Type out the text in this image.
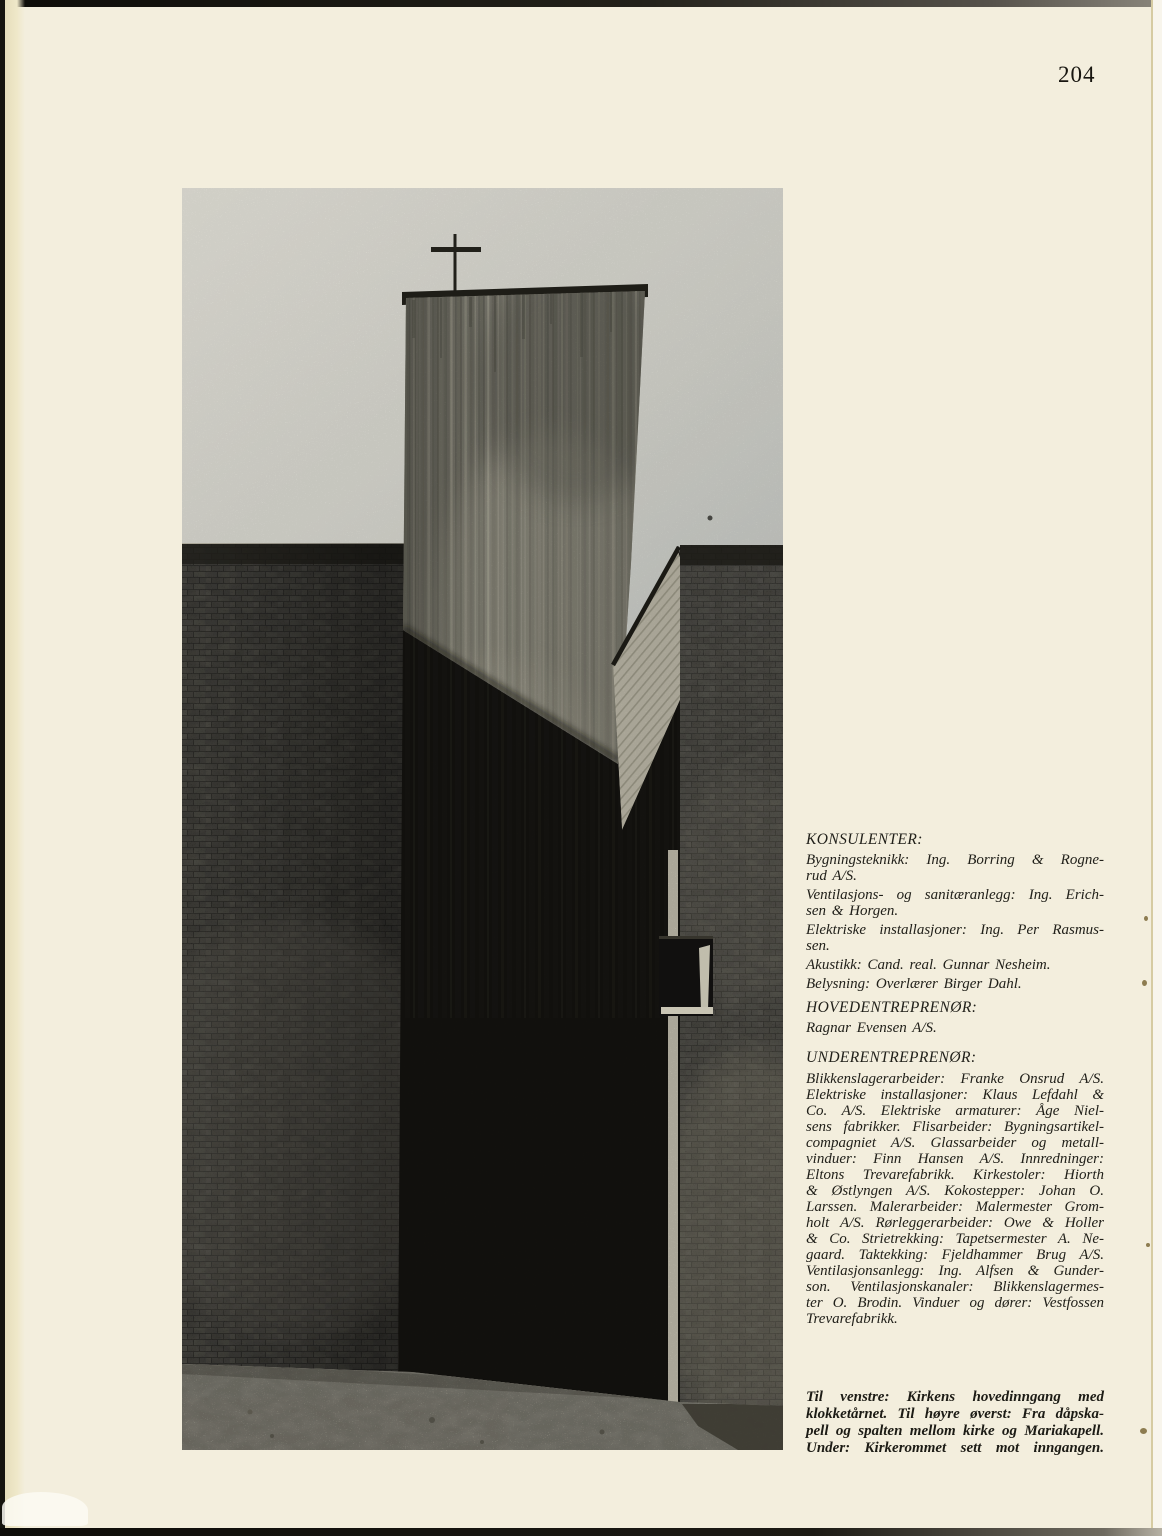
204
KONSULENTER:

Bygningsteknikk: Ing. Borring & Rogne-
rud A/S.

Ventilasjons- og sanitæranlegg: Ing. Erich-
sen & Horgen.

Elektriske installasjoner: Ing. Per Rasmus-
sen.

Akustikk: Cand. real. Gunnar Nesheim.

Belysning: Overlærer Birger Dahl.

HOVEDENTREPRENØR:

Ragnar Evensen A/S.

UNDERENTREPRENØR:

Blikkenslagerarbeider: Franke Onsrud A/S.
Elektriske installasjoner: Klaus Lefdahl &
Co. A/S. Elektriske armaturer: Åge Niel-
sens fabrikker. Flisarbeider: Bygningsartikel-
compagniet A/S. Glassarbeider og metall-
vinduer: Finn Hansen A/S. Innredninger:
Eltons Trevarefabrikk. Kirkestoler: Hiorth
& Østlyngen A/S. Kokostepper: Johan O.
Larssen. Malerarbeider: Malermester Grom-
holt A/S. Rørleggerarbeider: Owe & Holler
& Co. Strietrekking: Tapetsermester A. Ne-
gaard. Taktekking: Fjeldhammer Brug A/S.
Ventilasjonsanlegg: Ing. Alfsen & Gunder-
son. Ventilasjonskanaler: Blikkenslagermes-
ter O. Brodin. Vinduer og dører: Vestfossen
Trevarefabrikk.

Til venstre: Kirkens hovedinngang med
klokketårnet. Til høyre øverst: Fra dåpska-
pell og spalten mellom kirke og Mariakapell.
Under: Kirkerommet sett mot inngangen.
